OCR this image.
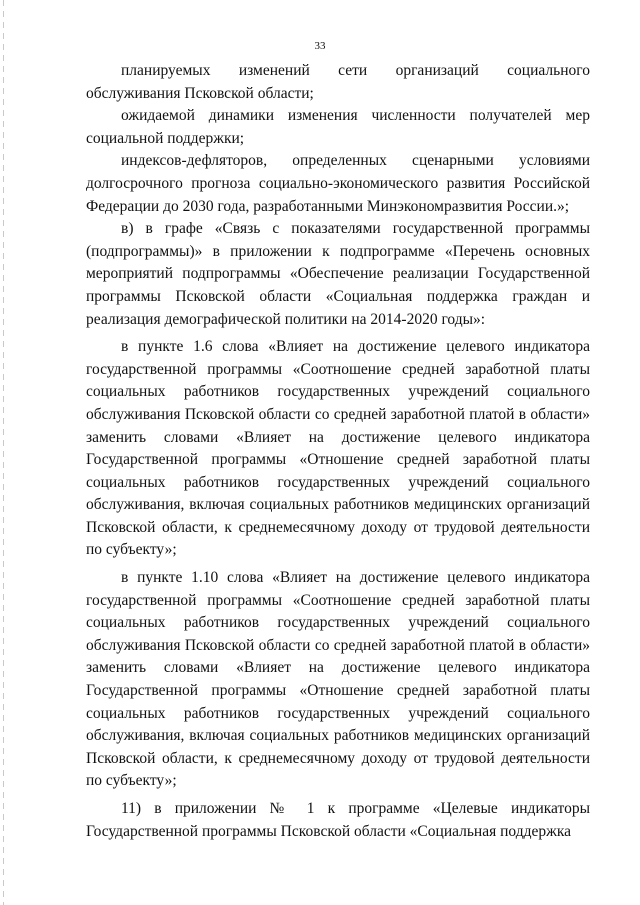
33

планируемых изменений сети организаций социального обслуживания Псковской области;

ожидаемой динамики изменения численности получателей мер социальной поддержки;

индексов-дефляторов, определенных сценарными условиями долгосрочного прогноза социально-экономического развития Российской Федерации до 2030 года, разработанными Минэкономразвития России.»;

в) в графе «Связь с показателями государственной программы (подпрограммы)» в приложении к подпрограмме «Перечень основных мероприятий подпрограммы «Обеспечение реализации Государственной программы Псковской области «Социальная поддержка граждан и реализация демографической политики на 2014-2020 годы»:

в пункте 1.6 слова «Влияет на достижение целевого индикатора государственной программы «Соотношение средней заработной платы социальных работников государственных учреждений социального обслуживания Псковской области со средней заработной платой в области» заменить словами «Влияет на достижение целевого индикатора Государственной программы «Отношение средней заработной платы социальных работников государственных учреждений социального обслуживания, включая социальных работников медицинских организаций Псковской области, к среднемесячному доходу от трудовой деятельности по субъекту»;

в пункте 1.10 слова «Влияет на достижение целевого индикатора государственной программы «Соотношение средней заработной платы социальных работников государственных учреждений социального обслуживания Псковской области со средней заработной платой в области» заменить словами «Влияет на достижение целевого индикатора Государственной программы «Отношение средней заработной платы социальных работников государственных учреждений социального обслуживания, включая социальных работников медицинских организаций Псковской области, к среднемесячному доходу от трудовой деятельности по субъекту»;

11) в приложении № 1 к программе «Целевые индикаторы Государственной программы Псковской области «Социальная поддержка
